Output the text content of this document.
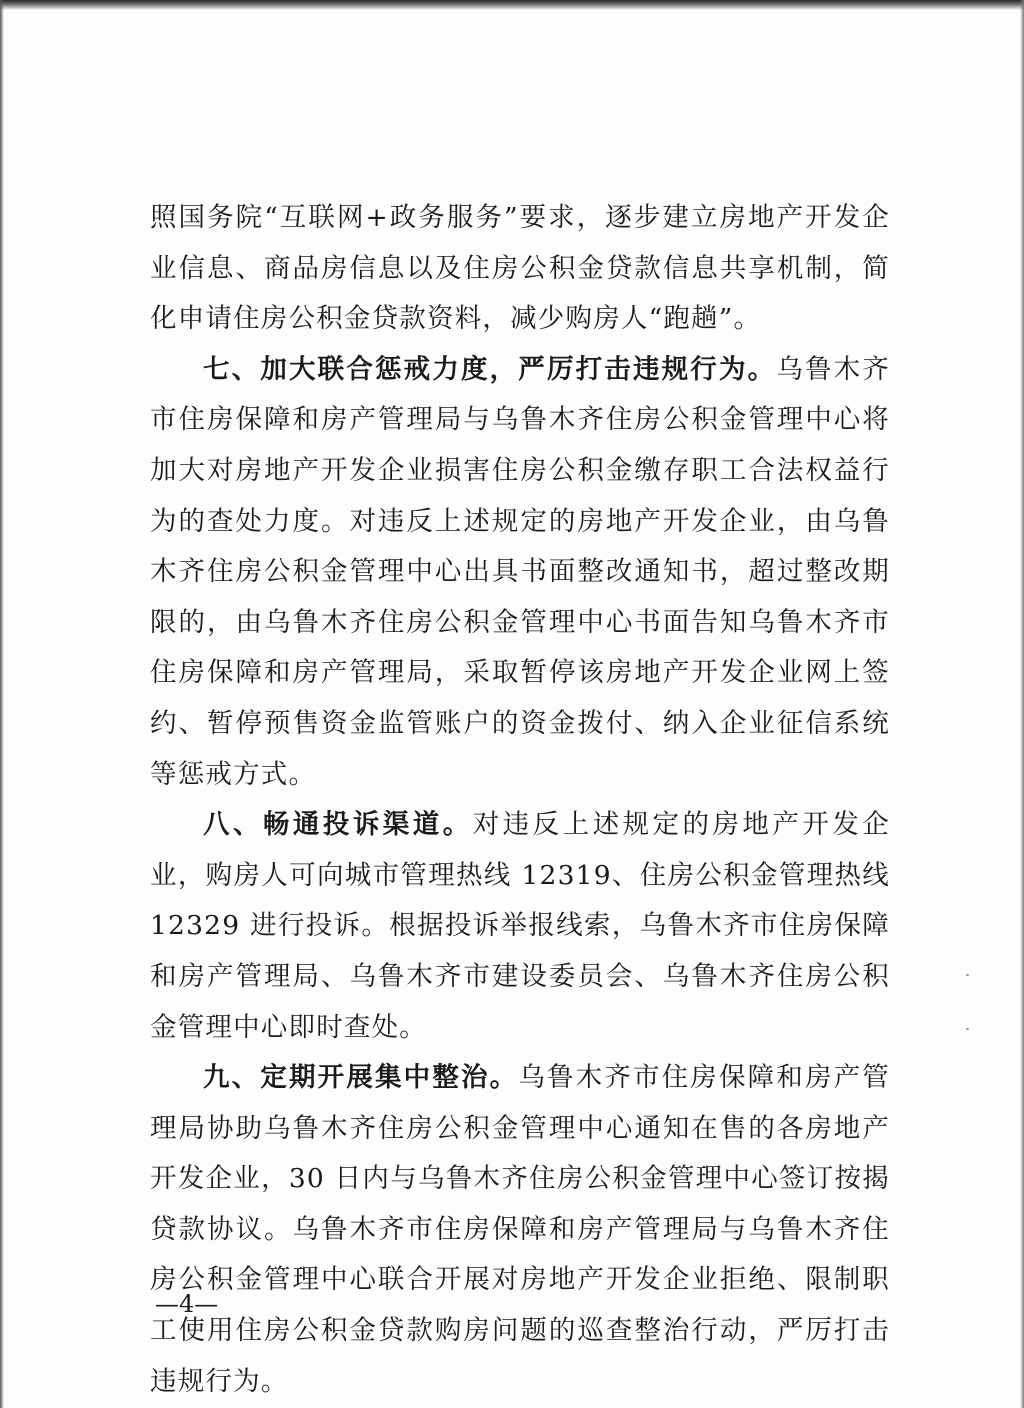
照国务院“互联网+政务服务”要求，逐步建立房地产开发企业信息、商品房信息以及住房公积金贷款信息共享机制，简化申请住房公积金贷款资料，减少购房人“跑趟”。

七、加大联合惩戒力度，严厉打击违规行为。乌鲁木齐市住房保障和房产管理局与乌鲁木齐住房公积金管理中心将加大对房地产开发企业损害住房公积金缴存职工合法权益行为的查处力度。对违反上述规定的房地产开发企业，由乌鲁木齐住房公积金管理中心出具书面整改通知书，超过整改期限的，由乌鲁木齐住房公积金管理中心书面告知乌鲁木齐市住房保障和房产管理局，采取暂停该房地产开发企业网上签约、暂停预售资金监管账户的资金拨付、纳入企业征信系统等惩戒方式。

八、畅通投诉渠道。对违反上述规定的房地产开发企业，购房人可向城市管理热线 12319、住房公积金管理热线 12329 进行投诉。根据投诉举报线索，乌鲁木齐市住房保障和房产管理局、乌鲁木齐市建设委员会、乌鲁木齐住房公积金管理中心即时查处。

九、定期开展集中整治。乌鲁木齐市住房保障和房产管理局协助乌鲁木齐住房公积金管理中心通知在售的各房地产开发企业，30 日内与乌鲁木齐住房公积金管理中心签订按揭贷款协议。乌鲁木齐市住房保障和房产管理局与乌鲁木齐住房公积金管理中心联合开展对房地产开发企业拒绝、限制职工使用住房公积金贷款购房问题的巡查整治行动，严厉打击违规行为。

—4—
